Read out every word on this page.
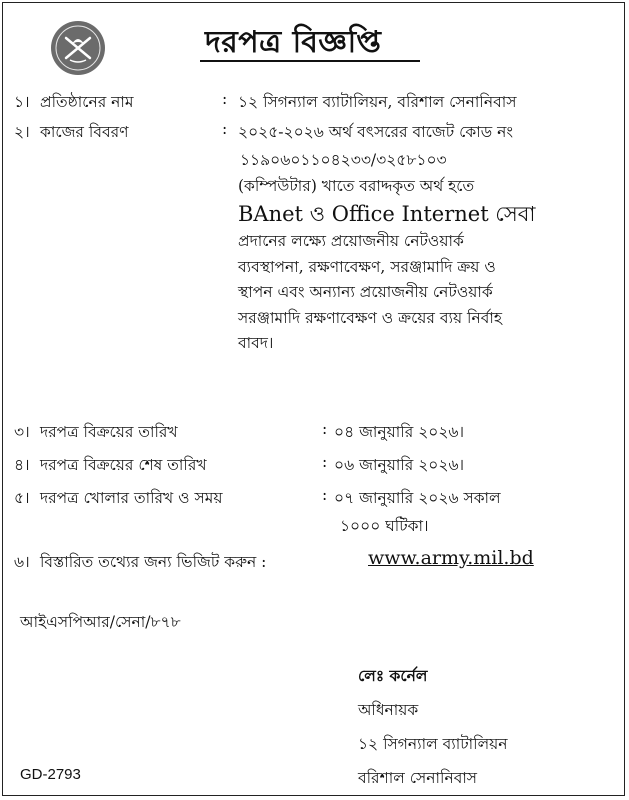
দরপত্র বিজ্ঞপ্তি
১। প্রতিষ্ঠানের নাম	: ১২ সিগন্যাল ব্যাটালিয়ন, বরিশাল সেনানিবাস
২। কাজের বিবরণ	: ২০২৫-২০২৬ অর্থ বৎসরের বাজেট কোড নং

১১৯০৬০১১০৪২৩৩/৩২৫৮১০৩

(কম্পিউটার) খাতে বরাদ্দকৃত অর্থ হতে

BAnet ও Office Internet সেবা

প্রদানের লক্ষ্যে প্রয়োজনীয় নেটওয়ার্ক

ব্যবস্থাপনা, রক্ষণাবেক্ষণ, সরঞ্জামাদি ক্রয় ও

স্থাপন এবং অন্যান্য প্রয়োজনীয় নেটওয়ার্ক

সরঞ্জামাদি রক্ষণাবেক্ষণ ও ক্রয়ের ব্যয় নির্বাহ

বাবদ।

৩। দরপত্র বিক্রয়ের তারিখ	: ০৪ জানুয়ারি ২০২৬।
৪। দরপত্র বিক্রয়ের শেষ তারিখ	: ০৬ জানুয়ারি ২০২৬।
৫। দরপত্র খোলার তারিখ ও সময়	: ০৭ জানুয়ারি ২০২৬ সকাল
১০০০ ঘটিকা।
৬। বিস্তারিত তথ্যের জন্য ভিজিট করুন :	www.army.mil.bd
আইএসপিআর/সেনা/৮৭৮
লেঃ কর্নেল
অধিনায়ক
১২ সিগন্যাল ব্যাটালিয়ন
বরিশাল সেনানিবাস
GD-2793
